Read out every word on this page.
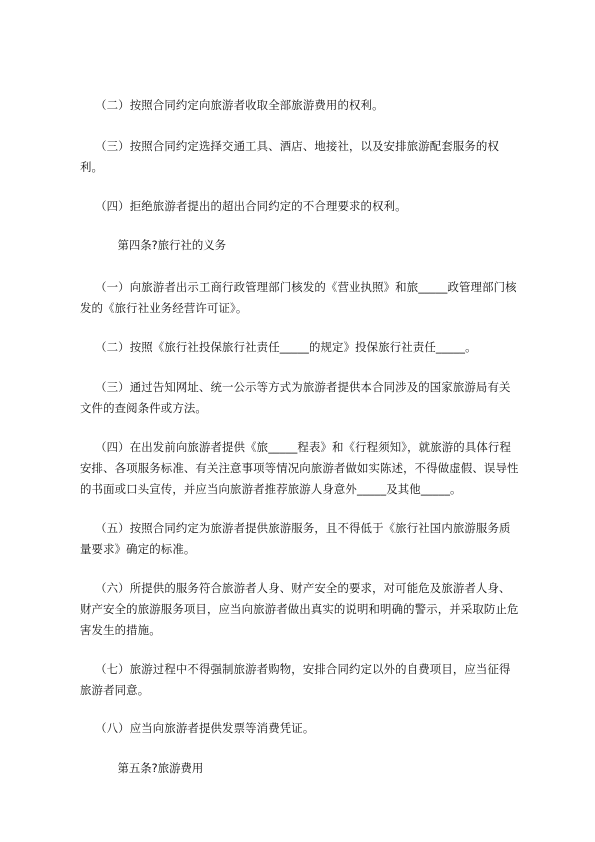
（二）按照合同约定向旅游者收取全部旅游费用的权利。

（三）按照合同约定选择交通工具、酒店、地接社，以及安排旅游配套服务的权利。

（四）拒绝旅游者提出的超出合同约定的不合理要求的权利。

第四条?旅行社的义务

（一）向旅游者出示工商行政管理部门核发的《营业执照》和旅_____政管理部门核发的《旅行社业务经营许可证》。

（二）按照《旅行社投保旅行社责任_____的规定》投保旅行社责任_____。

（三）通过告知网址、统一公示等方式为旅游者提供本合同涉及的国家旅游局有关文件的查阅条件或方法。

（四）在出发前向旅游者提供《旅_____程表》和《行程须知》，就旅游的具体行程安排、各项服务标准、有关注意事项等情况向旅游者做如实陈述，不得做虚假、误导性的书面或口头宣传，并应当向旅游者推荐旅游人身意外_____及其他_____。

（五）按照合同约定为旅游者提供旅游服务，且不得低于《旅行社国内旅游服务质量要求》确定的标准。

（六）所提供的服务符合旅游者人身、财产安全的要求，对可能危及旅游者人身、财产安全的旅游服务项目，应当向旅游者做出真实的说明和明确的警示，并采取防止危害发生的措施。

（七）旅游过程中不得强制旅游者购物，安排合同约定以外的自费项目，应当征得旅游者同意。

（八）应当向旅游者提供发票等消费凭证。

第五条?旅游费用
